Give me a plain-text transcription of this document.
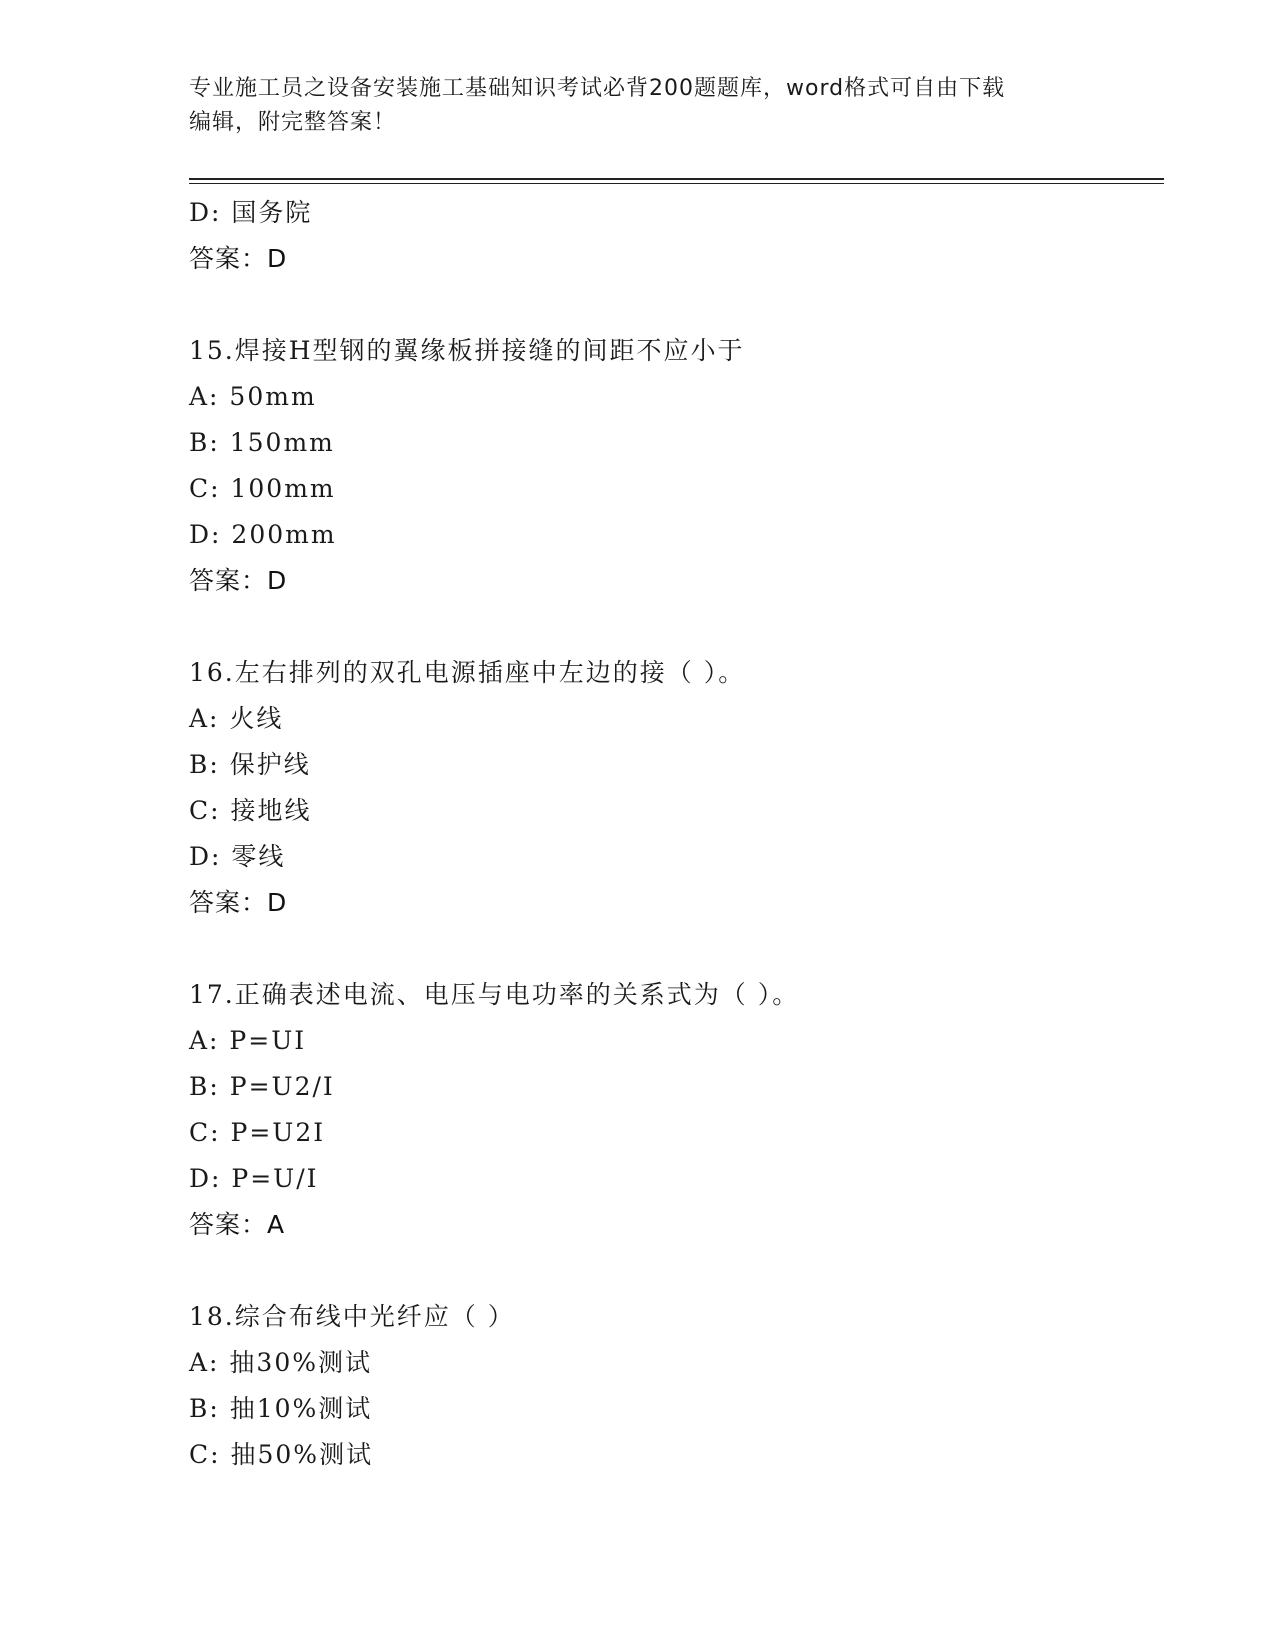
专业施工员之设备安装施工基础知识考试必背200题题库，word格式可自由下载
编辑，附完整答案！
D: 国务院
答案：D
15.焊接H型钢的翼缘板拼接缝的间距不应小于
A: 50mm
B: 150mm
C: 100mm
D: 200mm
答案：D
16.左右排列的双孔电源插座中左边的接（ ）。
A: 火线
B: 保护线
C: 接地线
D: 零线
答案：D
17.正确表述电流、电压与电功率的关系式为（ ）。
A: P=UI
B: P=U2/I
C: P=U2I
D: P=U/I
答案：A
18.综合布线中光纤应（ ）
A: 抽30%测试
B: 抽10%测试
C: 抽50%测试
